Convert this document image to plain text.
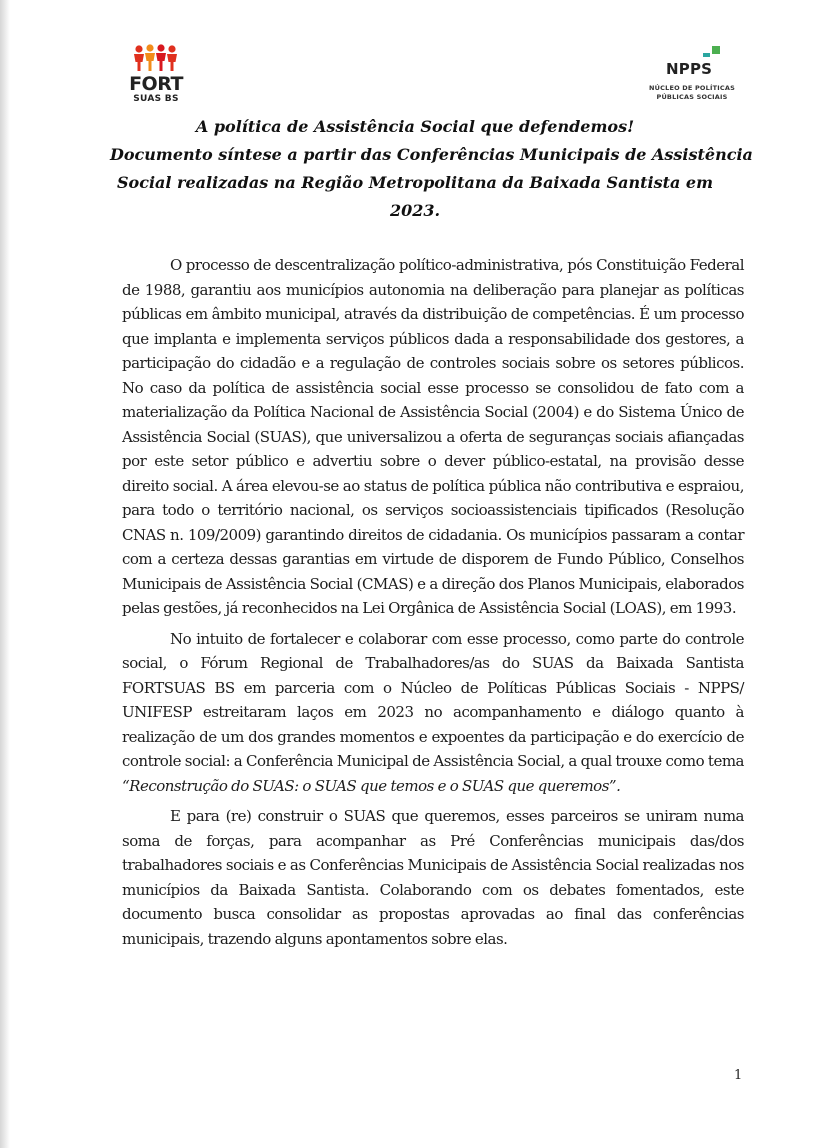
FORT
SUAS BS
NPPS
NÚCLEO DE POLÍTICAS
PÚBLICAS SOCIAIS
A política de Assistência Social que defendemos!
Documento síntese a partir das Conferências Municipais de Assistência
Social realizadas na Região Metropolitana da Baixada Santista em
2023.

O processo de descentralização político-administrativa, pós Constituição Federal de 1988, garantiu aos municípios autonomia na deliberação para planejar as políticas públicas em âmbito municipal, através da distribuição de competências. É um processo que implanta e implementa serviços públicos dada a responsabilidade dos gestores, a participação do cidadão e a regulação de controles sociais sobre os setores públicos. No caso da política de assistência social esse processo se consolidou de fato com a materialização da Política Nacional de Assistência Social (2004) e do Sistema Único de Assistência Social (SUAS), que universalizou a oferta de seguranças sociais afiançadas por este setor público e advertiu sobre o dever público-estatal, na provisão desse direito social. A área elevou-se ao status de política pública não contributiva e espraiou, para todo o território nacional, os serviços socioassistenciais tipificados (Resolução CNAS n. 109/2009) garantindo direitos de cidadania. Os municípios passaram a contar com a certeza dessas garantias em virtude de disporem de Fundo Público, Conselhos Municipais de Assistência Social (CMAS) e a direção dos Planos Municipais, elaborados pelas gestões, já reconhecidos na Lei Orgânica de Assistência Social (LOAS), em 1993.

No intuito de fortalecer e colaborar com esse processo, como parte do controle social, o Fórum Regional de Trabalhadores/as do SUAS da Baixada Santista FORTSUAS BS em parceria com o Núcleo de Políticas Públicas Sociais - NPPS/ UNIFESP estreitaram laços em 2023 no acompanhamento e diálogo quanto à realização de um dos grandes momentos e expoentes da participação e do exercício de controle social: a Conferência Municipal de Assistência Social, a qual trouxe como tema “Reconstrução do SUAS: o SUAS que temos e o SUAS que queremos”.

E para (re) construir o SUAS que queremos, esses parceiros se uniram numa soma de forças, para acompanhar as Pré Conferências municipais das/dos trabalhadores sociais e as Conferências Municipais de Assistência Social realizadas nos municípios da Baixada Santista. Colaborando com os debates fomentados, este documento busca consolidar as propostas aprovadas ao final das conferências municipais, trazendo alguns apontamentos sobre elas.

1
